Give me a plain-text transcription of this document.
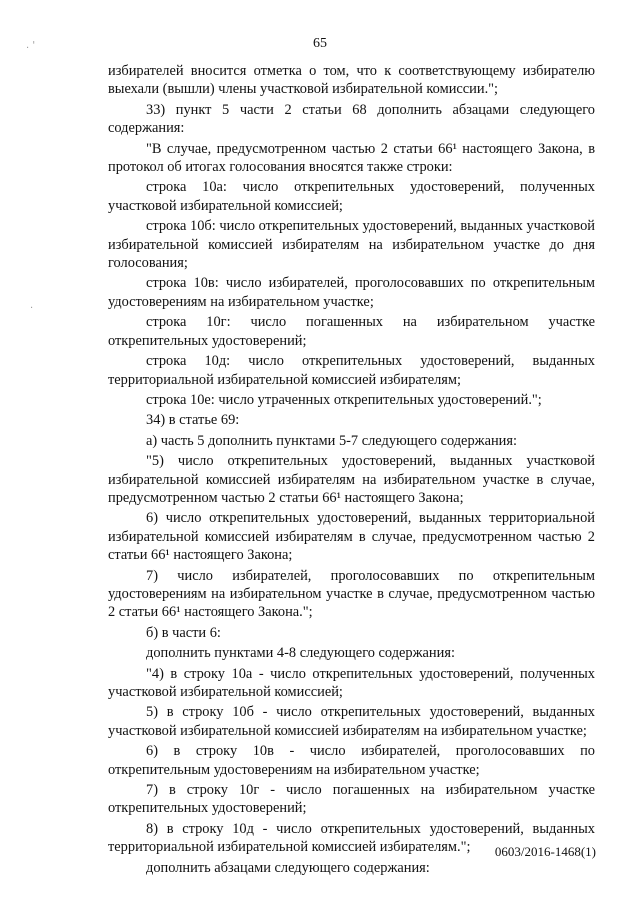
. '
.
65

избирателей вносится отметка о том, что к соответствующему избирателю выехали (вышли) члены участковой избирательной комиссии.";

33) пункт 5 части 2 статьи 68 дополнить абзацами следующего содержания:

"В случае, предусмотренном частью 2 статьи 66¹ настоящего Закона, в протокол об итогах голосования вносятся также строки:

строка 10а: число открепительных удостоверений, полученных участковой избирательной комиссией;

строка 10б: число открепительных удостоверений, выданных участковой избирательной комиссией избирателям на избирательном участке до дня голосования;

строка 10в: число избирателей, проголосовавших по открепительным удостоверениям на избирательном участке;

строка 10г: число погашенных на избирательном участке открепительных удостоверений;

строка 10д: число открепительных удостоверений, выданных территориальной избирательной комиссией избирателям;

строка 10е: число утраченных открепительных удостоверений.";

34) в статье 69:

а) часть 5 дополнить пунктами 5-7 следующего содержания:

"5) число открепительных удостоверений, выданных участковой избирательной комиссией избирателям на избирательном участке в случае, предусмотренном частью 2 статьи 66¹ настоящего Закона;

6) число открепительных удостоверений, выданных территориальной избирательной комиссией избирателям в случае, предусмотренном частью 2 статьи 66¹ настоящего Закона;

7) число избирателей, проголосовавших по открепительным удостоверениям на избирательном участке в случае, предусмотренном частью 2 статьи 66¹ настоящего Закона.";

б) в части 6:

дополнить пунктами 4-8 следующего содержания:

"4) в строку 10а - число открепительных удостоверений, полученных участковой избирательной комиссией;

5) в строку 10б - число открепительных удостоверений, выданных участковой избирательной комиссией избирателям на избирательном участке;

6) в строку 10в - число избирателей, проголосовавших по открепительным удостоверениям на избирательном участке;

7) в строку 10г - число погашенных на избирательном участке открепительных удостоверений;

8) в строку 10д - число открепительных удостоверений, выданных территориальной избирательной комиссией избирателям.";

дополнить абзацами следующего содержания:

0603/2016-1468(1)
